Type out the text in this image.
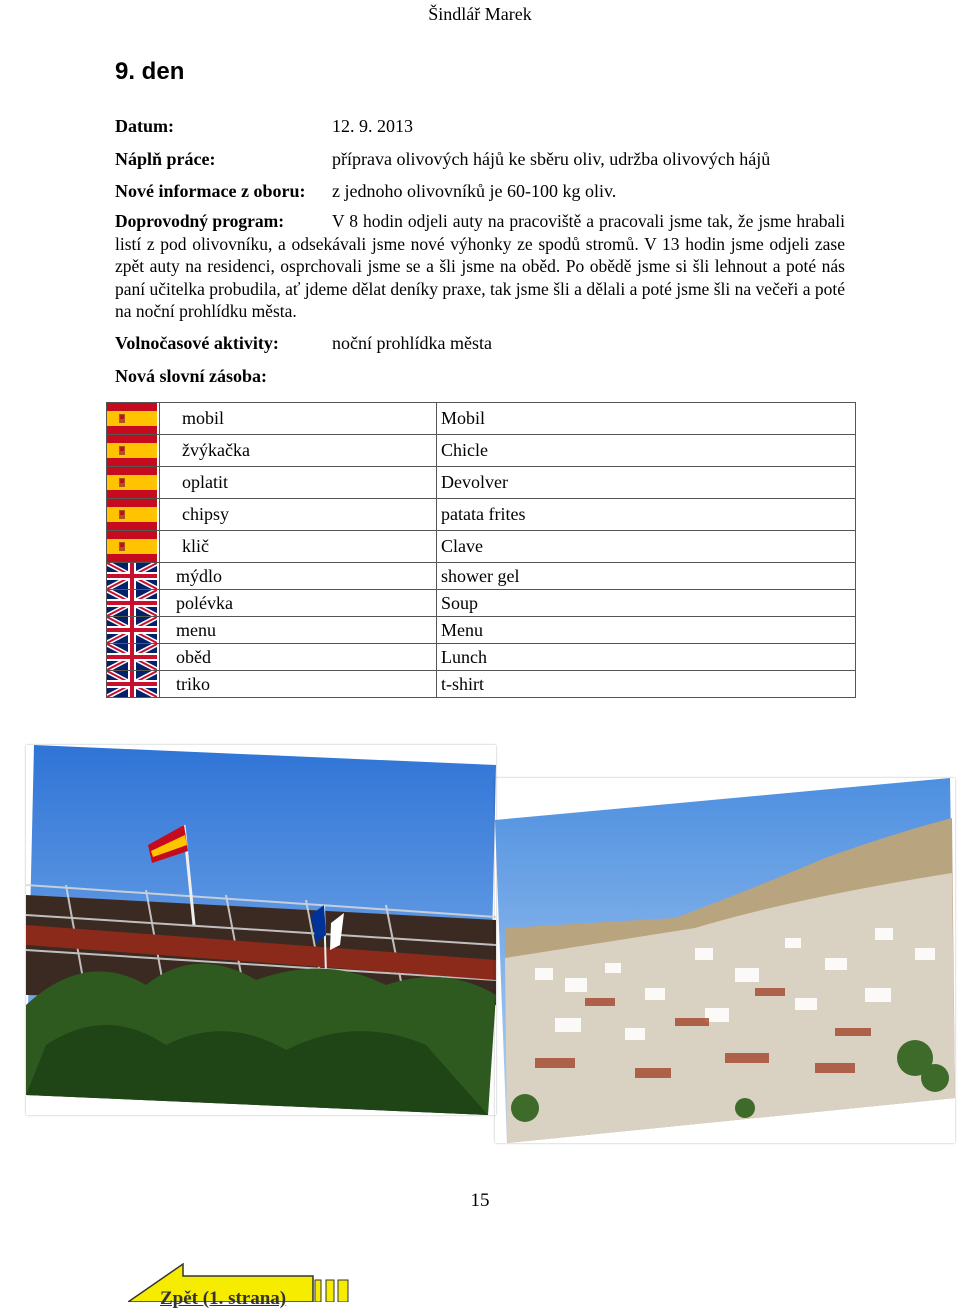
Šindlář Marek
9. den
Datum:	12. 9. 2013
Náplň práce:	příprava olivových hájů ke sběru oliv, udržba olivových hájů
Nové informace z oboru: z jednoho olivovníků je 60-100 kg oliv.
Doprovodný program:	V 8 hodin odjeli auty na pracoviště a pracovali jsme tak, že jsme hrabali listí z pod olivovníku, a odsekávali jsme nové výhonky ze spodů stromů. V 13 hodin jsme odjeli zase zpět auty na residenci, osprchovali jsme se a šli jsme na oběd. Po obědě jsme si šli lehnout a poté nás paní učitelka probudila, ať jdeme dělat deníky praxe, tak jsme šli a dělali a poté jsme šli na večeři a poté na noční prohlídku města.
Volnočasové aktivity:	noční prohlídka města
Nová slovní zásoba:

mobil	Mobil

žvýkačka	Chicle

oplatit	Devolver

chipsy	patata frites

klič	Clave

mýdlo	shower gel

polévka	Soup

menu	Menu

oběd	Lunch

triko	t-shirt
15
Zpět (1. strana)
